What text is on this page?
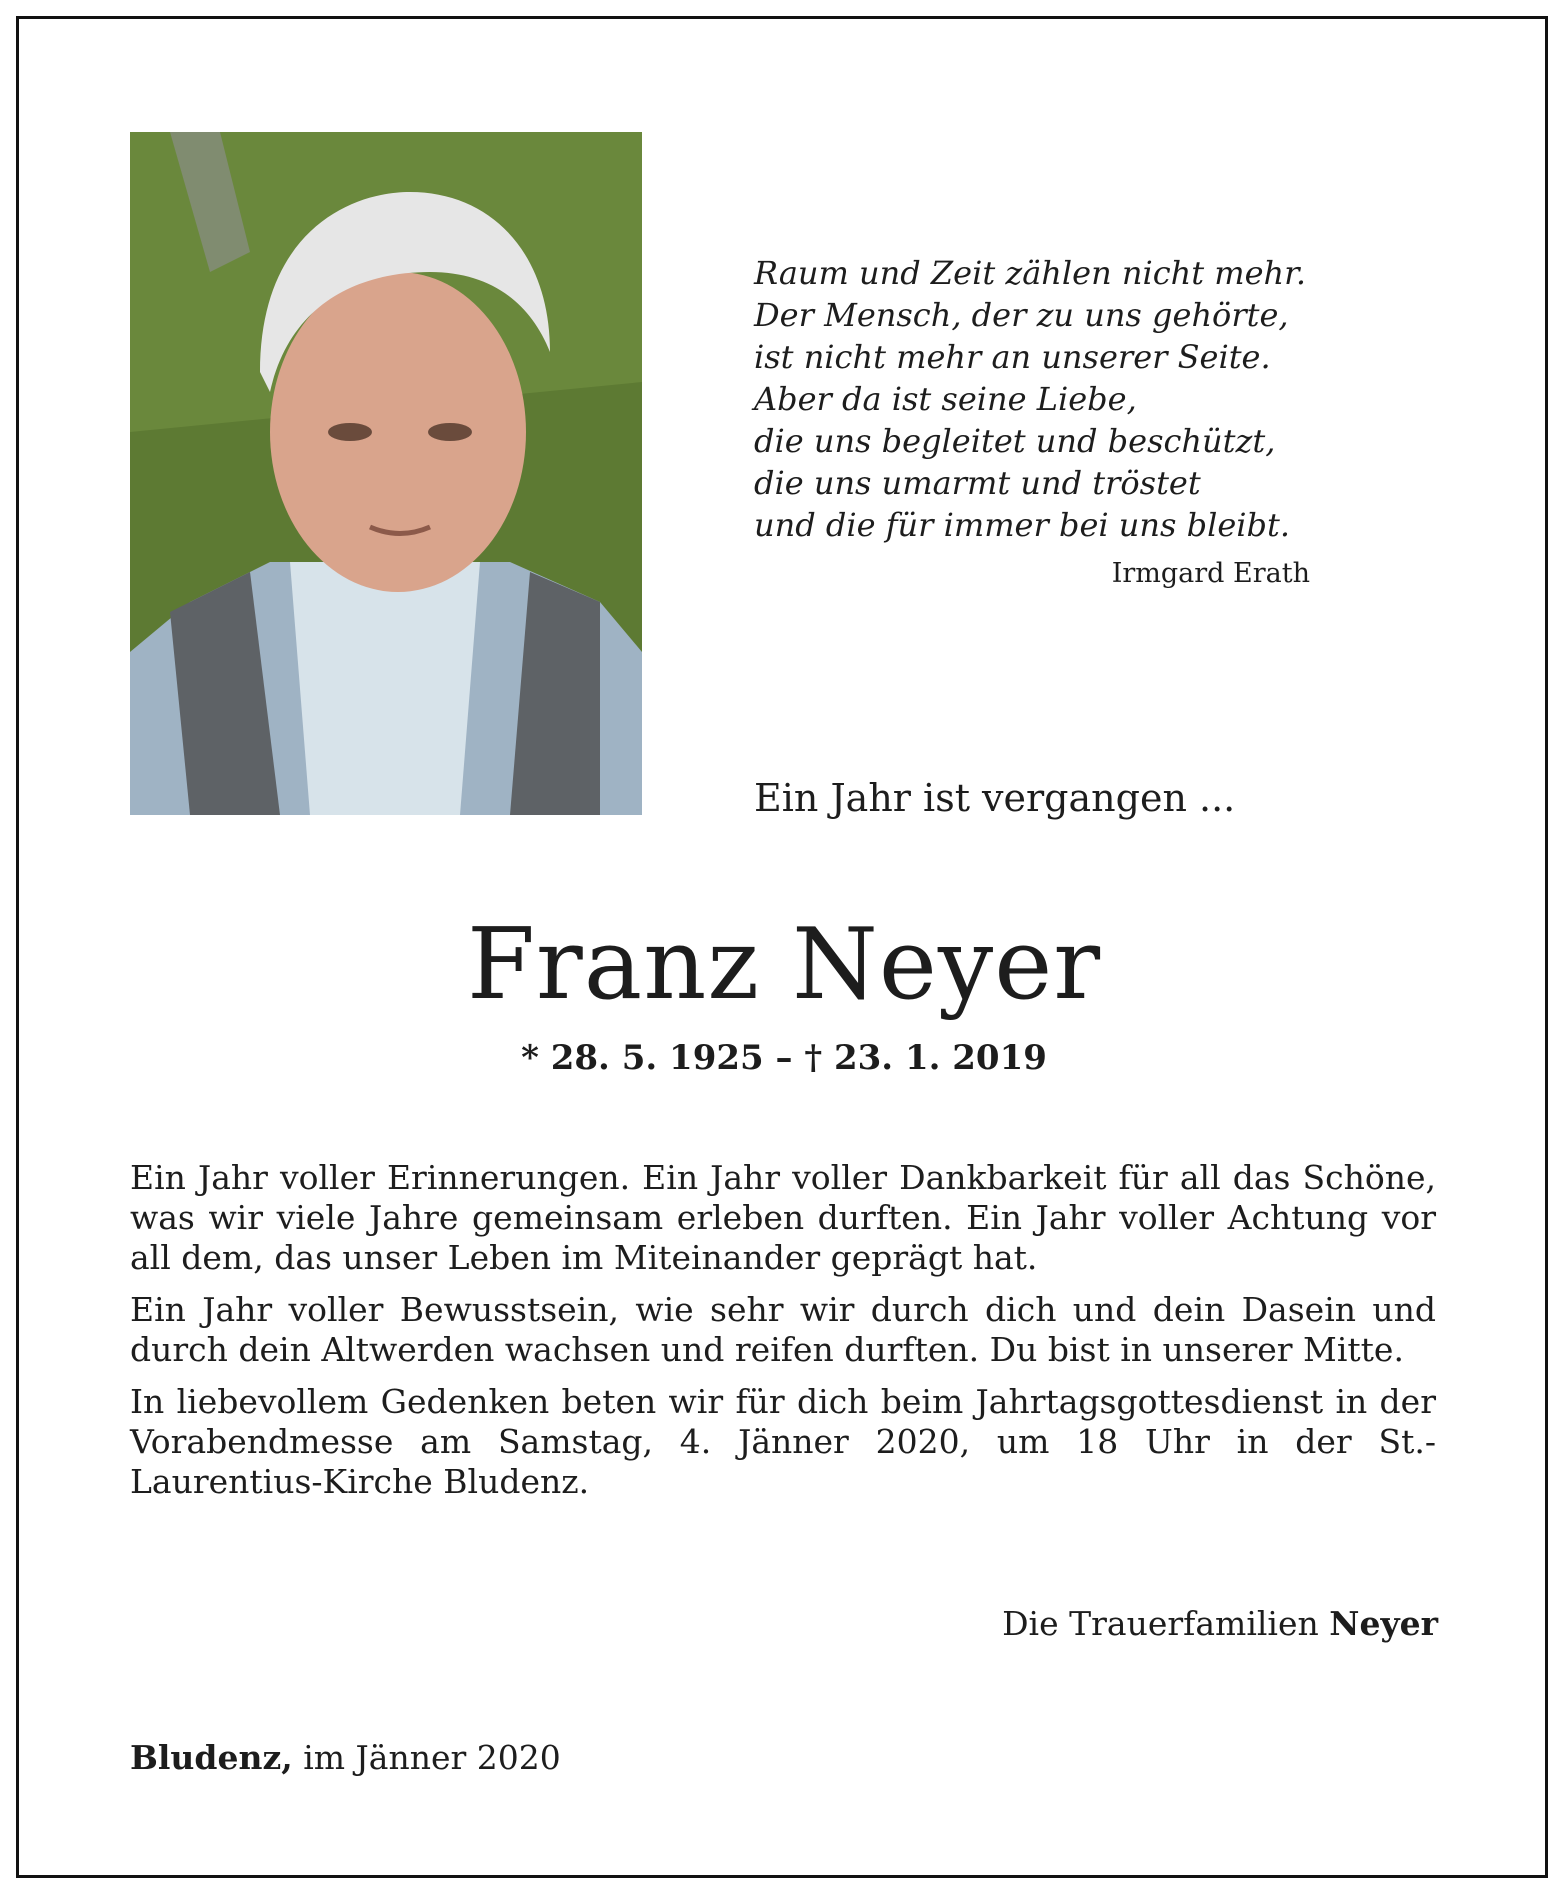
Raum und Zeit zählen nicht mehr.
Der Mensch, der zu uns gehörte,
ist nicht mehr an unserer Seite.
Aber da ist seine Liebe,
die uns begleitet und beschützt,
die uns umarmt und tröstet
und die für immer bei uns bleibt.
Irmgard Erath
Ein Jahr ist vergangen ...
Franz Neyer
* 28. 5. 1925 – † 23. 1. 2019

Ein Jahr voller Erinnerungen. Ein Jahr voller Dankbarkeit für all das Schöne, was wir viele Jahre gemeinsam erleben durften. Ein Jahr voller Achtung vor all dem, das unser Leben im Miteinander geprägt hat.

Ein Jahr voller Bewusstsein, wie sehr wir durch dich und dein Dasein und durch dein Altwerden wachsen und reifen durften. Du bist in unserer Mitte.

In liebevollem Gedenken beten wir für dich beim Jahrtagsgottesdienst in der Vorabendmesse am Samstag, 4. Jänner 2020, um 18 Uhr in der St.-Laurentius-Kirche Bludenz.

Die Trauerfamilien Neyer
Bludenz, im Jänner 2020
